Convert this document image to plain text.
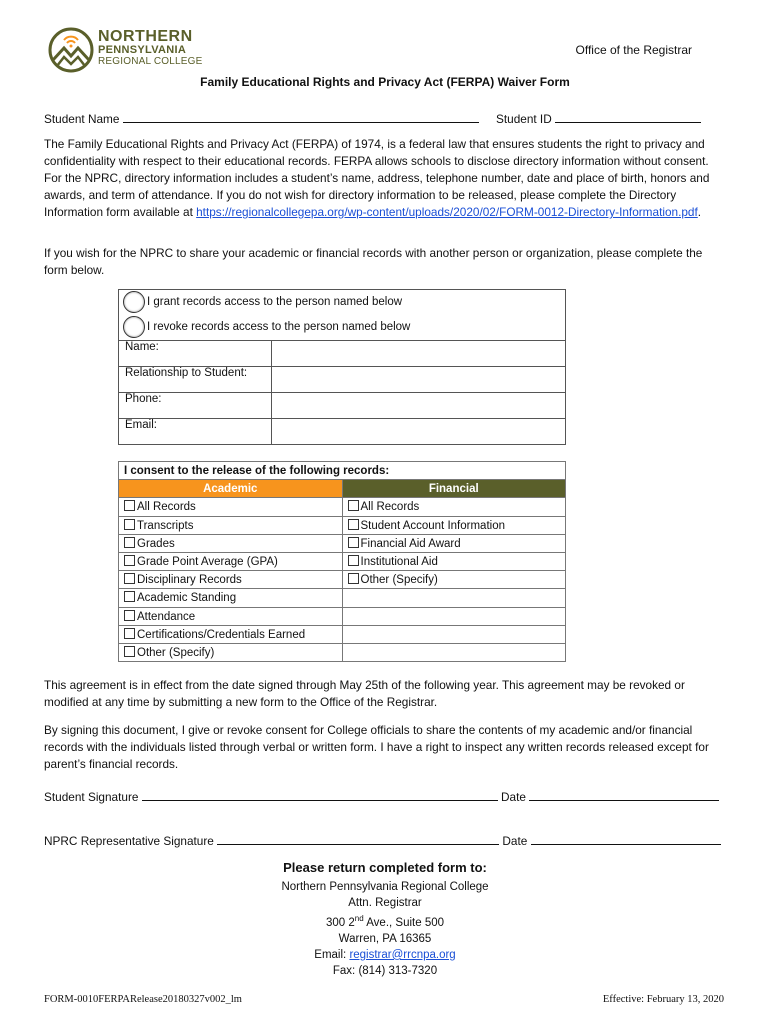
NORTHERN
PENNSYLVANIA
REGIONAL COLLEGE
Office of the Registrar
Family Educational Rights and Privacy Act (FERPA) Waiver Form
Student Name	Student ID
The Family Educational Rights and Privacy Act (FERPA) of 1974, is a federal law that ensures students the right to privacy and confidentiality with respect to their educational records. FERPA allows schools to disclose directory information without consent. For the NPRC, directory information includes a student’s name, address, telephone number, date and place of birth, honors and awards, and term of attendance. If you do not wish for directory information to be released, please complete the Directory Information form available at https://regionalcollegepa.org/wp-content/uploads/2020/02/FORM-0012-Directory-Information.pdf.
If you wish for the NPRC to share your academic or financial records with another person or organization, please complete the form below.
I grant records access to the person named below	
I revoke records access to the person named below	
Name:	
Relationship to Student:	
Phone:	
Email:	
I consent to the release of the following records:	
Academic	Financial
All Records	All Records
Transcripts	Student Account Information
Grades	Financial Aid Award
Grade Point Average (GPA)	Institutional Aid
Disciplinary Records	Other (Specify)
Academic Standing	
Attendance	
Certifications/Credentials Earned	
Other (Specify)	
This agreement is in effect from the date signed through May 25th of the following year. This agreement may be revoked or modified at any time by submitting a new form to the Office of the Registrar.
By signing this document, I give or revoke consent for College officials to share the contents of my academic and/or financial records with the individuals listed through verbal or written form. I have a right to inspect any written records released except for parent’s financial records.
Student Signature	Date
NPRC Representative Signature	Date
Please return completed form to:
Northern Pennsylvania Regional College
Attn. Registrar
300 2nd Ave., Suite 500
Warren, PA 16365
Email: registrar@rrcnpa.org
Fax: (814) 313-7320
FORM-0010FERPARelease20180327v002_lm	Effective: February 13, 2020
